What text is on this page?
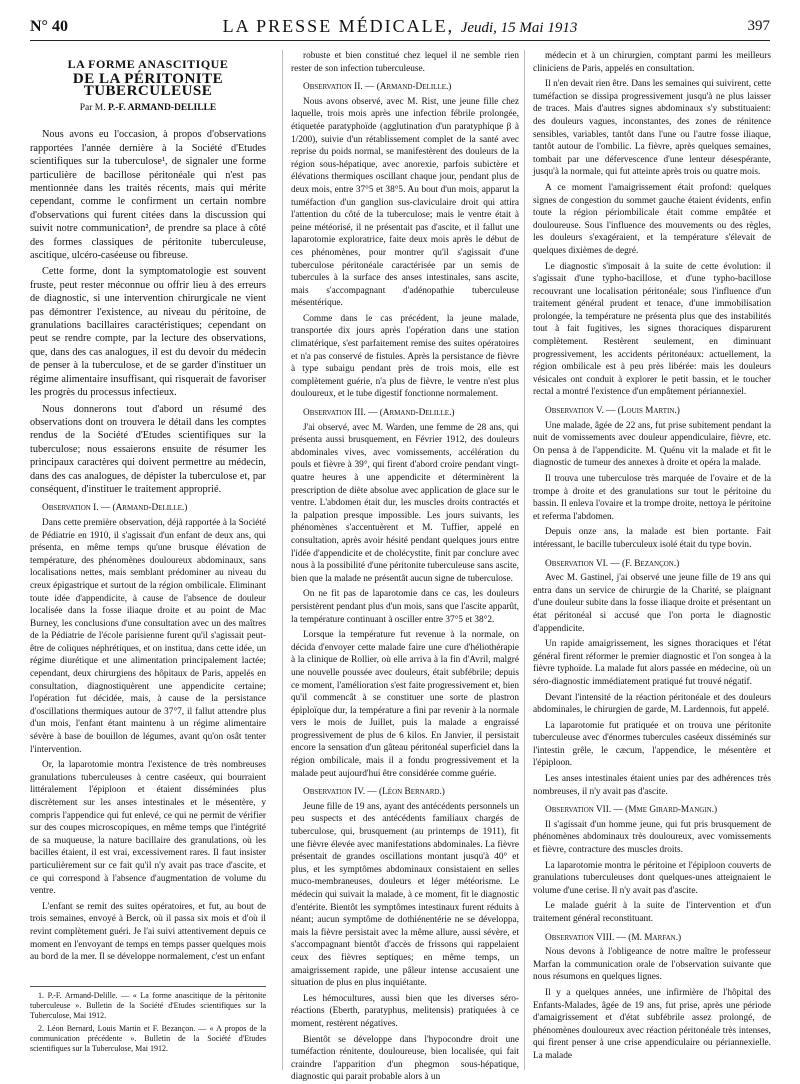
N° 40	LA PRESSE MÉDICALE, Jeudi, 15 Mai 1913	397
LA FORME ANASCITIQUE
DE LA PÉRITONITE TUBERCULEUSE
Par M. P.-F. ARMAND-DELILLE

Nous avons eu l'occasion, à propos d'observations rapportées l'année dernière à la Société d'Etudes scientifiques sur la tuberculose¹, de signaler une forme particulière de bacillose péritonéale qui n'est pas mentionnée dans les traités récents, mais qui mérite cependant, comme le confirment un certain nombre d'observations qui furent citées dans la discussion qui suivit notre communication², de prendre sa place à côté des formes classiques de péritonite tuberculeuse, ascitique, ulcéro-caséeuse ou fibreuse.

Cette forme, dont la symptomatologie est souvent fruste, peut rester méconnue ou offrir lieu à des erreurs de diagnostic, si une intervention chirurgicale ne vient pas démontrer l'existence, au niveau du péritoine, de granulations bacillaires caractéristiques; cependant on peut se rendre compte, par la lecture des observations, que, dans des cas analogues, il est du devoir du médecin de penser à la tuberculose, et de se garder d'instituer un régime alimentaire insuffisant, qui risquerait de favoriser les progrès du processus infectieux.

Nous donnerons tout d'abord un résumé des observations dont on trouvera le détail dans les comptes rendus de la Société d'Etudes scientifiques sur la tuberculose; nous essaierons ensuite de résumer les principaux caractères qui doivent permettre au médecin, dans des cas analogues, de dépister la tuberculose et, par conséquent, d'instituer le traitement approprié.

Observation I. — (Armand-Delille.)

Dans cette première observation, déjà rapportée à la Société de Pédiatrie en 1910, il s'agissait d'un enfant de deux ans, qui présenta, en même temps qu'une brusque élévation de température, des phénomènes douloureux abdominaux, sans localisations nettes, mais semblant prédominer au niveau du creux épigastrique et surtout de la région ombilicale. Eliminant toute idée d'appendicite, à cause de l'absence de douleur localisée dans la fosse iliaque droite et au point de Mac Burney, les conclusions d'une consultation avec un des maîtres de la Pédiatrie de l'école parisienne furent qu'il s'agissait peut-être de coliques néphrétiques, et on institua, dans cette idée, un régime diurétique et une alimentation principalement lactée; cependant, deux chirurgiens des hôpitaux de Paris, appelés en consultation, diagnostiquèrent une appendicite certaine; l'opération fut décidée, mais, à cause de la persistance d'oscillations thermiques autour de 37°7, il fallut attendre plus d'un mois, l'enfant étant maintenu à un régime alimentaire sévère à base de bouillon de légumes, avant qu'on osât tenter l'intervention.

Or, la laparotomie montra l'existence de très nombreuses granulations tuberculeuses à centre caséeux, qui bourraient littéralement l'épiploon et étaient disséminées plus discrètement sur les anses intestinales et le mésentère, y compris l'appendice qui fut enlevé, ce qui ne permit de vérifier sur des coupes microscopiques, en même temps que l'intégrité de sa muqueuse, la nature bacillaire des granulations, où les bacilles étaient, il est vrai, excessivement rares. Il faut insister particulièrement sur ce fait qu'il n'y avait pas trace d'ascite, et ce qui correspond à l'absence d'augmentation de volume du ventre.

L'enfant se remit des suites opératoires, et fut, au bout de trois semaines, envoyé à Berck, où il passa six mois et d'où il revint complètement guéri. Je l'ai suivi attentivement depuis ce moment en l'envoyant de temps en temps passer quelques mois au bord de la mer. Il se développe normalement, c'est un enfant

robuste et bien constitué chez lequel il ne semble rien rester de son infection tuberculeuse.

Observation II. — (Armand-Delille.)

Nous avons observé, avec M. Rist, une jeune fille chez laquelle, trois mois après une infection fébrile prolongée, étiquetée paratyphoïde (agglutination d'un paratyphique β à 1/200), suivie d'un rétablissement complet de la santé avec reprise du poids normal, se manifestèrent des douleurs de la région sous-hépatique, avec anorexie, parfois subictère et élévations thermiques oscillant chaque jour, pendant plus de deux mois, entre 37°5 et 38°5. Au bout d'un mois, apparut la tuméfaction d'un ganglion sus-claviculaire droit qui attira l'attention du côté de la tuberculose; mais le ventre était à peine météorisé, il ne présentait pas d'ascite, et il fallut une laparotomie exploratrice, faite deux mois après le début de ces phénomènes, pour montrer qu'il s'agissait d'une tuberculose péritonéale caractérisée par un semis de tubercules à la surface des anses intestinales, sans ascite, mais s'accompagnant d'adénopathie tuberculeuse mésentérique.

Comme dans le cas précédent, la jeune malade, transportée dix jours après l'opération dans une station climatérique, s'est parfaitement remise des suites opératoires et n'a pas conservé de fistules. Après la persistance de fièvre à type subaigu pendant près de trois mois, elle est complètement guérie, n'a plus de fièvre, le ventre n'est plus douloureux, et le tube digestif fonctionne normalement.

Observation III. — (Armand-Delille.)

J'ai observé, avec M. Warden, une femme de 28 ans, qui présenta aussi brusquement, en Février 1912, des douleurs abdominales vives, avec vomissements, accélération du pouls et fièvre à 39°, qui firent d'abord croire pendant vingt-quatre heures à une appendicite et déterminèrent la prescription de diète absolue avec application de glace sur le ventre. L'abdomen était dur, les muscles droits contractés et la palpation presque impossible. Les jours suivants, les phénomènes s'accentuèrent et M. Tuffier, appelé en consultation, après avoir hésité pendant quelques jours entre l'idée d'appendicite et de cholécystite, finit par conclure avec nous à la possibilité d'une péritonite tuberculeuse sans ascite, bien que la malade ne présentât aucun signe de tuberculose.

On ne fit pas de laparotomie dans ce cas, les douleurs persistèrent pendant plus d'un mois, sans que l'ascite apparût, la température continuant à osciller entre 37°5 et 38°2.

Lorsque la température fut revenue à la normale, on décida d'envoyer cette malade faire une cure d'héliothérapie à la clinique de Rollier, où elle arriva à la fin d'Avril, malgré une nouvelle poussée avec douleurs, était subfébrile; depuis ce moment, l'amélioration s'est faite progressivement et, bien qu'il commencât à se constituer une sorte de plastron épiploïque dur, la température a fini par revenir à la normale vers le mois de Juillet, puis la malade a engraissé progressivement de plus de 6 kilos. En Janvier, il persistait encore la sensation d'un gâteau péritonéal superficiel dans la région ombilicale, mais il a fondu progressivement et la malade peut aujourd'hui être considérée comme guérie.

Observation IV. — (Léon Bernard.)

Jeune fille de 19 ans, ayant des antécédents personnels un peu suspects et des antécédents familiaux chargés de tuberculose, qui, brusquement (au printemps de 1911), fit une fièvre élevée avec manifestations abdominales. La fièvre présentait de grandes oscillations montant jusqu'à 40° et plus, et les symptômes abdominaux consistaient en selles muco-membraneuses, douleurs et léger météorisme. Le médecin qui suivait la malade, à ce moment, fit le diagnostic d'entérite. Bientôt les symptômes intestinaux furent réduits à néant; aucun symptôme de dothiénentérie ne se développa, mais la fièvre persistait avec la même allure, aussi sévère, et s'accompagnant bientôt d'accès de frissons qui rappelaient ceux des fièvres septiques; en même temps, un amaigrissement rapide, une pâleur intense accusaient une situation de plus en plus inquiétante.

Les hémocultures, aussi bien que les diverses séro-réactions (Eberth, paratyphus, melitensis) pratiquées à ce moment, restèrent négatives.

Bientôt se développe dans l'hypocondre droit une tuméfaction rénitente, douloureuse, bien localisée, qui fait craindre l'apparition d'un phegmon sous-hépatique, diagnostic qui parait probable alors à un

médecin et à un chirurgien, comptant parmi les meilleurs cliniciens de Paris, appelés en consultation.

Il n'en devait rien être. Dans les semaines qui suivirent, cette tuméfaction se dissipa progressivement jusqu'à ne plus laisser de traces. Mais d'autres signes abdominaux s'y substituaient: des douleurs vagues, inconstantes, des zones de rénitence sensibles, variables, tantôt dans l'une ou l'autre fosse iliaque, tantôt autour de l'ombilic. La fièvre, après quelques semaines, tombait par une défervescence d'une lenteur désespérante, jusqu'à la normale, qui fut atteinte après trois ou quatre mois.

A ce moment l'amaigrissement était profond: quelques signes de congestion du sommet gauche étaient évidents, enfin toute la région périombilicale était comme empâtée et douloureuse. Sous l'influence des mouvements ou des règles, les douleurs s'exagéraient, et la température s'élevait de quelques dixièmes de degré.

Le diagnostic s'imposait à la suite de cette évolution: il s'agissait d'une typho-bacillose, et d'une typho-bacillose recouvrant une localisation péritonéale; sous l'influence d'un traitement général prudent et tenace, d'une immobilisation prolongée, la température ne présenta plus que des instabilités tout à fait fugitives, les signes thoraciques disparurent complètement. Restèrent seulement, en diminuant progressivement, les accidents péritonéaux: actuellement, la région ombilicale est à peu près libérée: mais les douleurs vésicales ont conduit à explorer le petit bassin, et le toucher rectal a montré l'existence d'un empâtement périannexiel.

Observation V. — (Louis Martin.)

Une malade, âgée de 22 ans, fut prise subitement pendant la nuit de vomissements avec douleur appendiculaire, fièvre, etc. On pensa à de l'appendicite. M. Quénu vit la malade et fit le diagnostic de tumeur des annexes à droite et opéra la malade.

Il trouva une tuberculose très marquée de l'ovaire et de la trompe à droite et des granulations sur tout le péritoine du bassin. Il enleva l'ovaire et la trompe droite, nettoya le péritoine et referma l'abdomen.

Depuis onze ans, la malade est bien portante. Fait intéressant, le bacille tuberculeux isolé était du type bovin.

Observation VI. — (F. Bezançon.)

Avec M. Gastinel, j'ai observé une jeune fille de 19 ans qui entra dans un service de chirurgie de la Charité, se plaignant d'une douleur subite dans la fosse iliaque droite et présentant un état péritonéal si accusé que l'on porta le diagnostic d'appendicite.

Un rapide amaigrissement, les signes thoraciques et l'état général firent réformer le premier diagnostic et l'on songea à la fièvre typhoïde. La malade fut alors passée en médecine, où un séro-diagnostic immédiatement pratiqué fut trouvé négatif.

Devant l'intensité de la réaction péritonéale et des douleurs abdominales, le chirurgien de garde, M. Lardennois, fut appelé.

La laparotomie fut pratiquée et on trouva une péritonite tuberculeuse avec d'énormes tubercules caséeux disséminés sur l'intestin grêle, le cæcum, l'appendice, le mésentère et l'épiploon.

Les anses intestinales étaient unies par des adhérences très nombreuses, il n'y avait pas d'ascite.

Observation VII. — (Mme Girard-Mangin.)

Il s'agissait d'un homme jeune, qui fut pris brusquement de phénomènes abdominaux très douloureux, avec vomissements et fièvre, contracture des muscles droits.

La laparotomie montra le péritoine et l'épiploon couverts de granulations tuberculeuses dont quelques-unes atteignaient le volume d'une cerise. Il n'y avait pas d'ascite.

Le malade guérit à la suite de l'intervention et d'un traitement général reconstituant.

Observation VIII. — (M. Marfan.)

Nous devons à l'obligeance de notre maître le professeur Marfan la communication orale de l'observation suivante que nous résumons en quelques lignes.

Il y a quelques années, une infirmière de l'hôpital des Enfants-Malades, âgée de 19 ans, fut prise, après une période d'amaigrissement et d'état subfébrile assez prolongé, de phénomènes douloureux avec réaction péritonéale très intenses, qui firent penser à une crise appendiculaire ou périannexielle. La malade

1. P.-F. Armand-Delille. — « La forme anascitique de la péritonite tuberculeuse ». Bulletin de la Société d'Etudes scientifiques sur la Tuberculose, Mai 1912.

2. Léon Bernard, Louis Martin et F. Bezançon. — « A propos de la communication précédente ». Bulletin de la Société d'Etudes scientifiques sur la Tuberculose, Mai 1912.
